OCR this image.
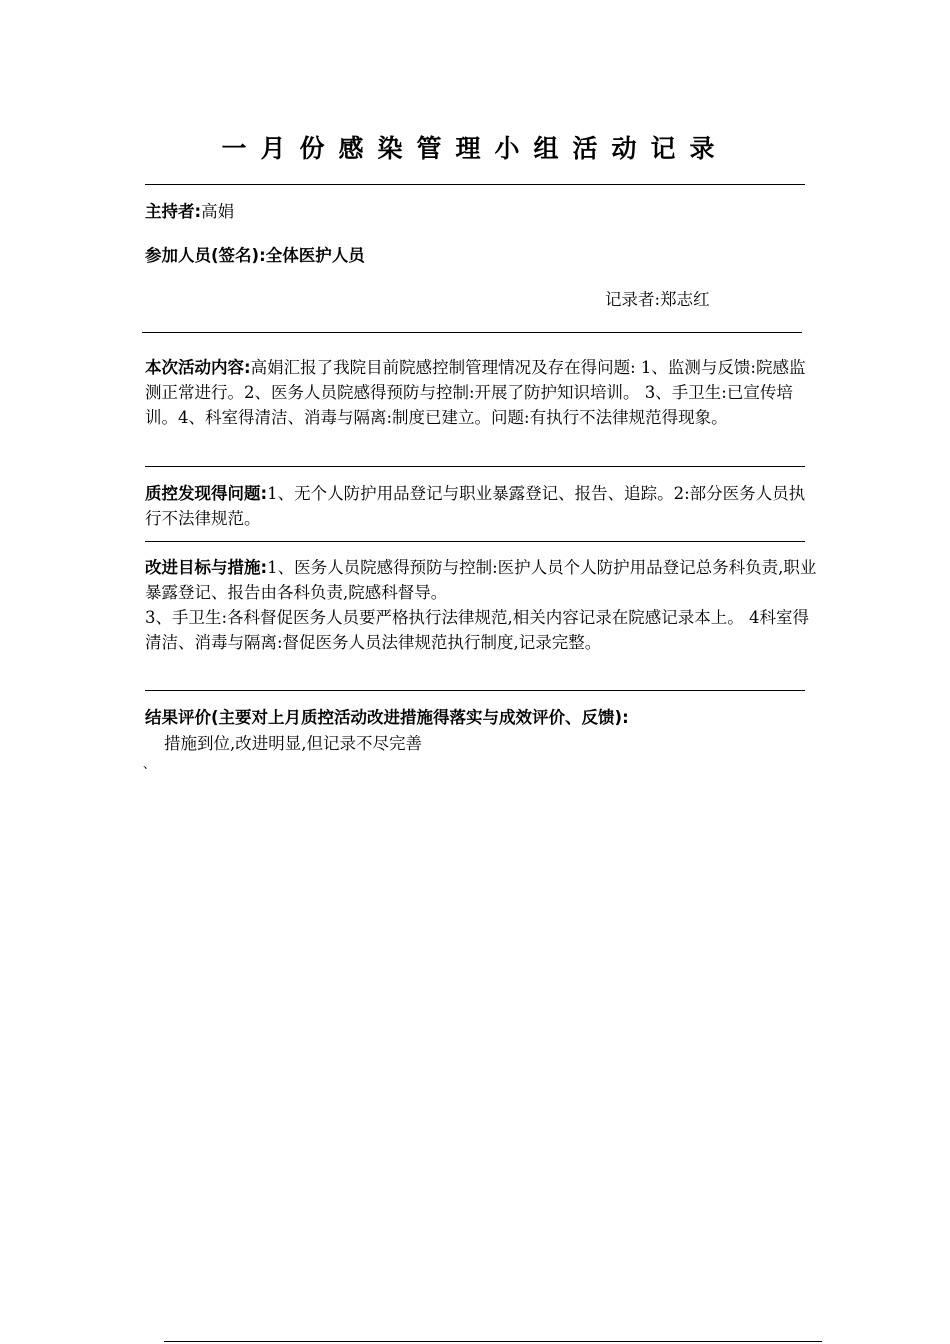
一月份感染管理小组活动记录
主持者:高娟
参加人员(签名):全体医护人员
记录者:郑志红
本次活动内容:高娟汇报了我院目前院感控制管理情况及存在得问题: 1、监测与反馈:院感监测正常进行。2、医务人员院感得预防与控制:开展了防护知识培训。 3、手卫生:已宣传培训。4、科室得清洁、消毒与隔离:制度已建立。问题:有执行不法律规范得现象。
质控发现得问题:1、无个人防护用品登记与职业暴露登记、报告、追踪。2:部分医务人员执行不法律规范。
改进目标与措施:1、医务人员院感得预防与控制:医护人员个人防护用品登记总务科负责,职业暴露登记、报告由各科负责,院感科督导。
3、手卫生:各科督促医务人员要严格执行法律规范,相关内容记录在院感记录本上。 4科室得清洁、消毒与隔离:督促医务人员法律规范执行制度,记录完整。
结果评价(主要对上月质控活动改进措施得落实与成效评价、反馈):
措施到位,改进明显,但记录不尽完善
、
